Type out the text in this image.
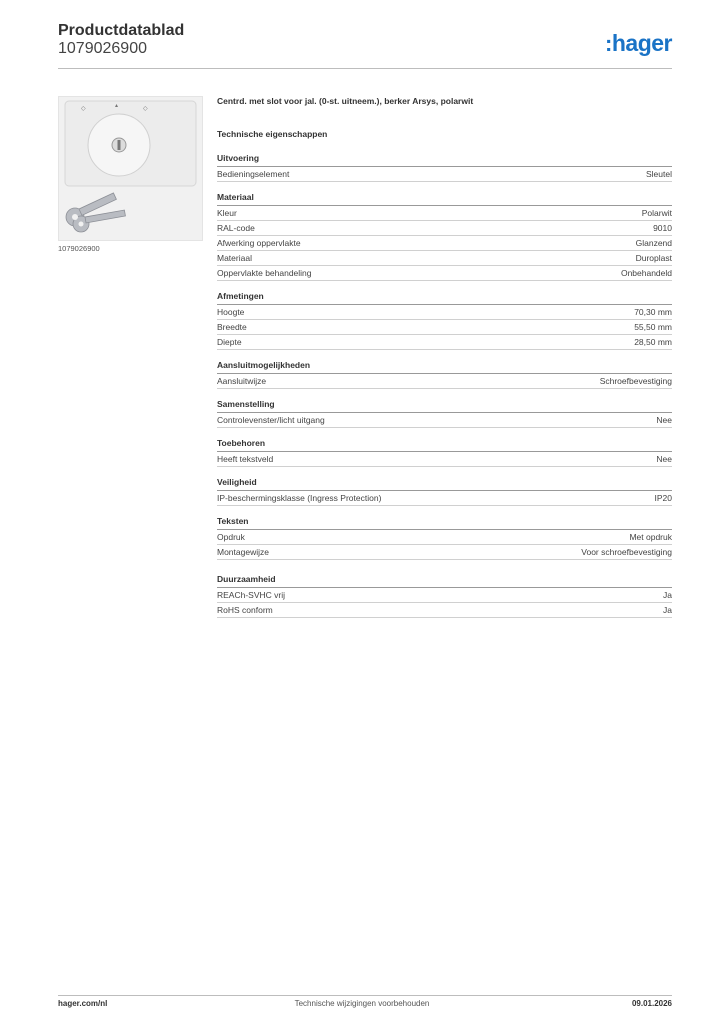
Productdatablad
1079026900	:hager
◇	▴	◇
1079026900
Centrd. met slot voor jal. (0-st. uitneem.), berker Arsys, polarwit
Technische eigenschappen
Uitvoering
Bedieningselement	Sleutel
Materiaal
Kleur	Polarwit
RAL-code	9010
Afwerking oppervlakte	Glanzend
Materiaal	Duroplast
Oppervlakte behandeling	Onbehandeld
Afmetingen
Hoogte	70,30 mm
Breedte	55,50 mm
Diepte	28,50 mm
Aansluitmogelijkheden
Aansluitwijze	Schroefbevestiging
Samenstelling
Controlevenster/licht uitgang	Nee
Toebehoren
Heeft tekstveld	Nee
Veiligheid
IP-beschermingsklasse (Ingress Protection)	IP20
Teksten
Opdruk	Met opdruk
Montagewijze	Voor schroefbevestiging
Duurzaamheid
REACh-SVHC vrij	Ja
RoHS conform	Ja
hager.com/nl	Technische wijzigingen voorbehouden	09.01.2026
